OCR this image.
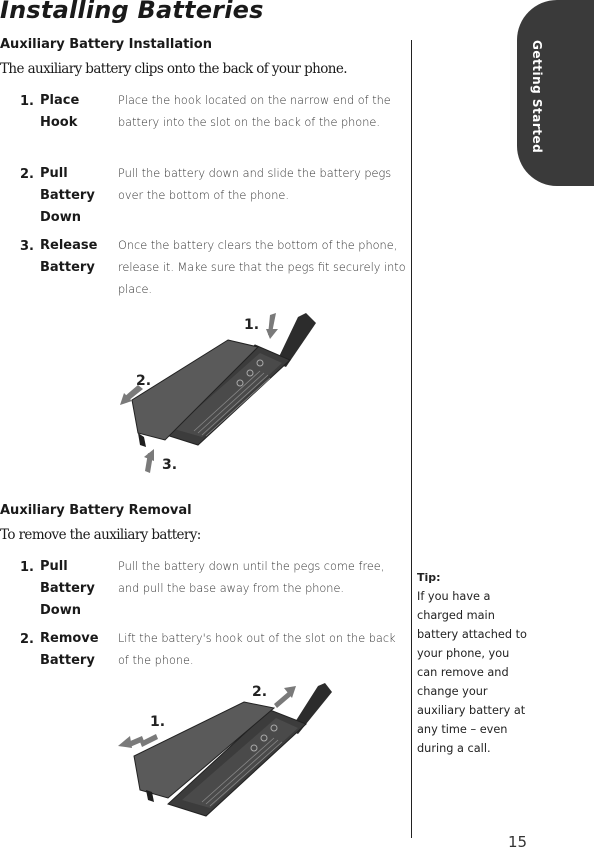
Installing Batteries
Getting Started
Auxiliary Battery Installation
The auxiliary battery clips onto the back of your phone.
1. Place Hook
Place the hook located on the narrow end of the battery into the slot on the back of the phone.
2. Pull Battery Down
Pull the battery down and slide the battery pegs over the bottom of the phone.
3. Release Battery
Once the battery clears the bottom of the phone, release it. Make sure that the pegs fit securely into place.
1.
2.
3.
Auxiliary Battery Removal
To remove the auxiliary battery:
1. Pull Battery Down
Pull the battery down until the pegs come free, and pull the base away from the phone.
2. Remove Battery
Lift the battery's hook out of the slot on the back of the phone.
2.
1.
Tip:
If you have a charged main battery attached to your phone, you can remove and change your auxiliary battery at any time – even during a call.
15
